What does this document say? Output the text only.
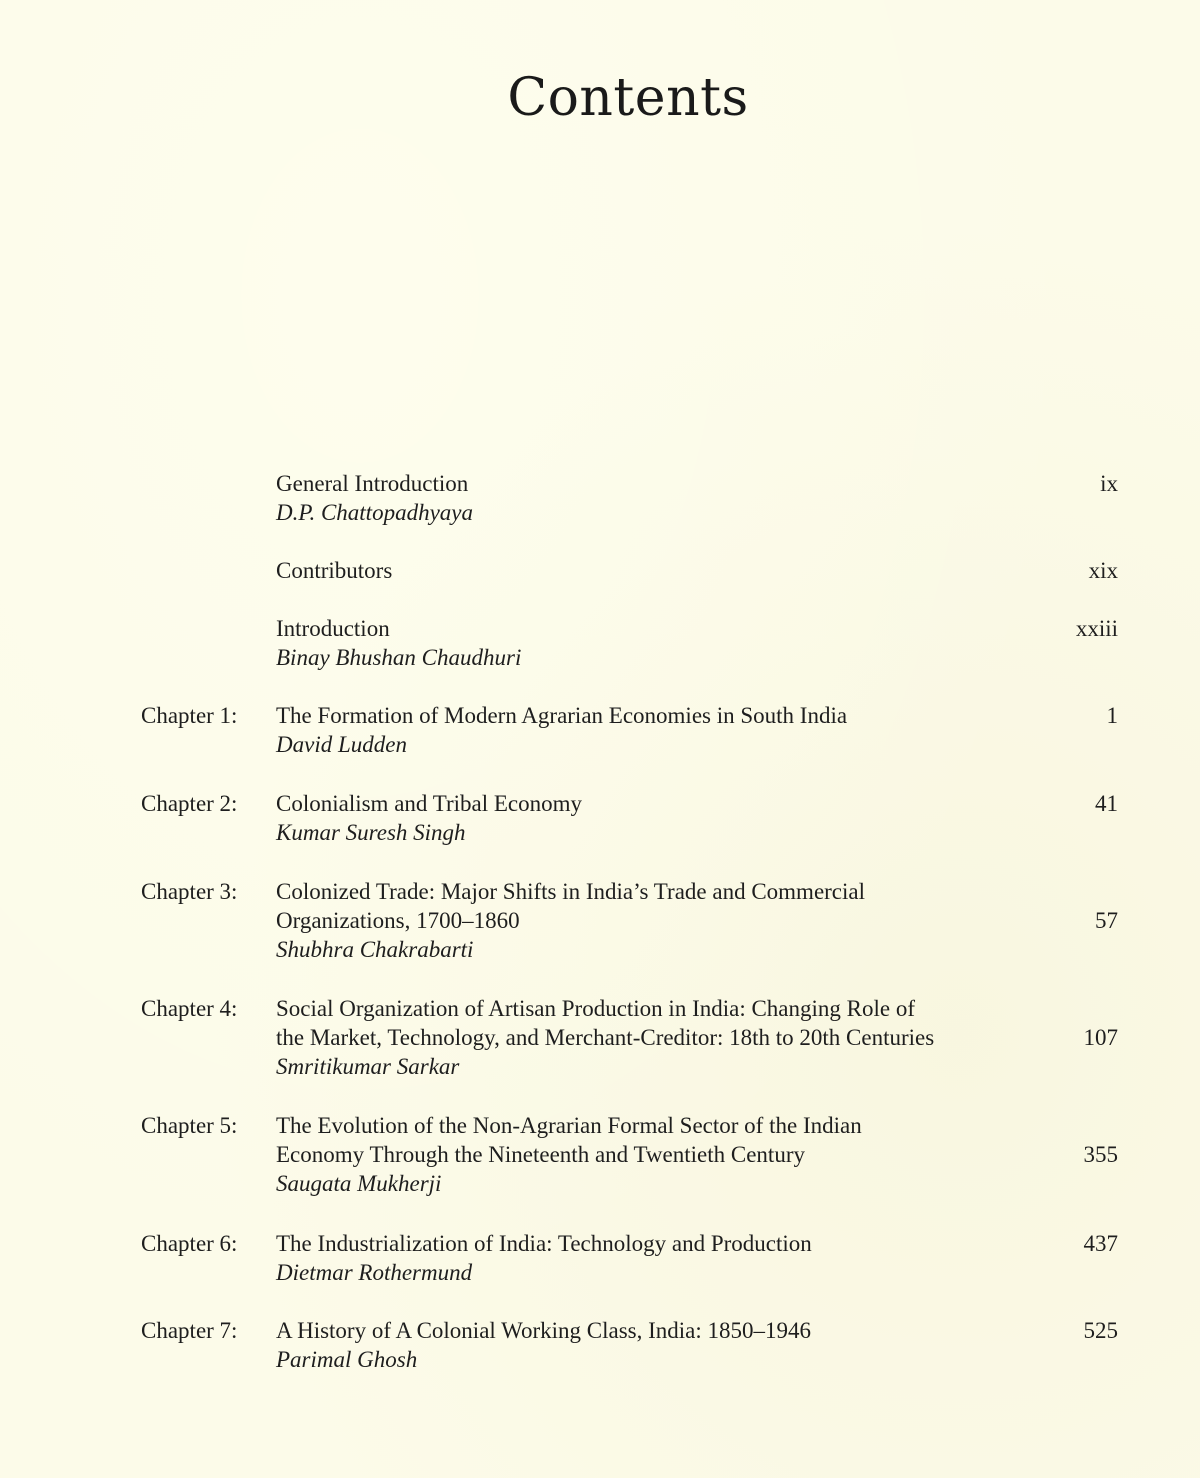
Contents
General Introduction
D.P. Chattopadhyaya
ix
Contributors	xix
Introduction
Binay Bhushan Chaudhuri
xxiii
Chapter 1: The Formation of Modern Agrarian Economies in South India
David Ludden
1
Chapter 2: Colonialism and Tribal Economy
Kumar Suresh Singh
41
Chapter 3: Colonized Trade: Major Shifts in India’s Trade and Commercial
Organizations, 1700–1860
Shubhra Chakrabarti
57
Chapter 4: Social Organization of Artisan Production in India: Changing Role of
the Market, Technology, and Merchant-Creditor: 18th to 20th Centuries
Smritikumar Sarkar
107
Chapter 5: The Evolution of the Non-Agrarian Formal Sector of the Indian
Economy Through the Nineteenth and Twentieth Century
Saugata Mukherji
355
Chapter 6: The Industrialization of India: Technology and Production
Dietmar Rothermund
437
Chapter 7: A History of A Colonial Working Class, India: 1850–1946
Parimal Ghosh
525
